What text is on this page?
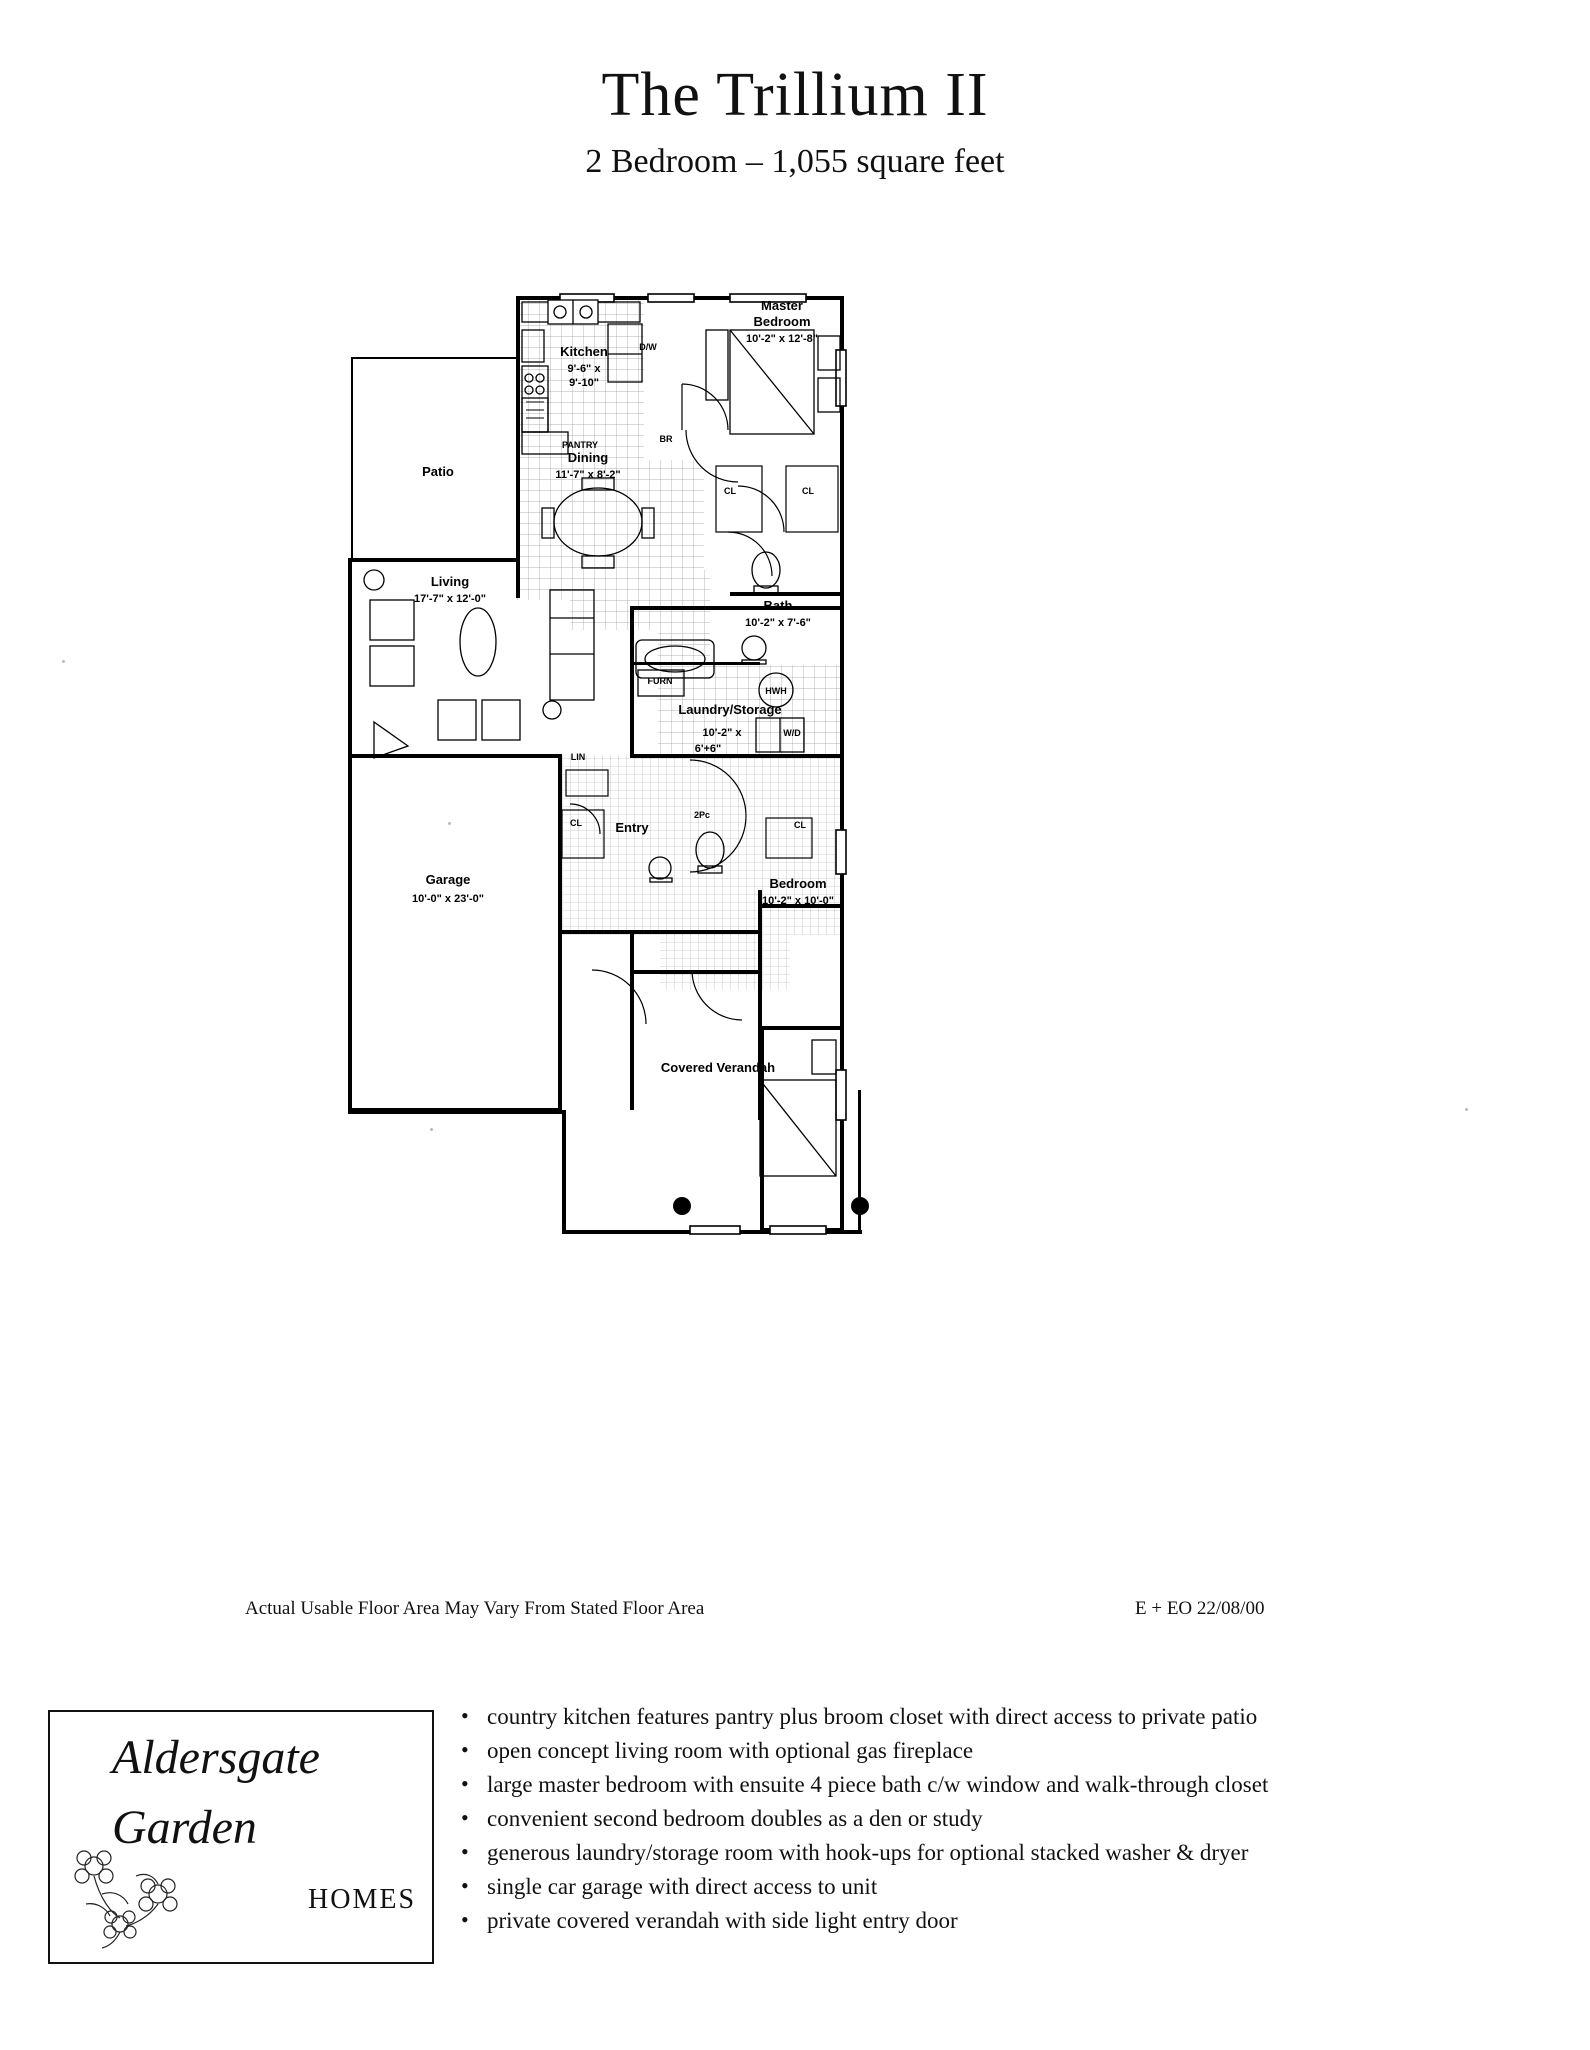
The Trillium II

2 Bedroom – 1,055 square feet

Master
Bedroom
10'-2" x 12'-8"
Kitchen
9'-6" x
9'-10"
D/W
PANTRY
BR
Dining
11'-7" x 8'-2"
Patio
Living
17'-7" x 12'-0"
CL	CL
Bath
10'-2" x 7'-6"
FURN
HWH
Laundry/Storage
10'-2" x
6'+6"
W/D
LIN
CL	Entry
2Pc
CL
Garage
10'-0" x 23'-0"
Bedroom
10'-2" x 10'-0"
Covered Verandah
Actual Usable Floor Area May Vary From Stated Floor Area	E + EO 22/08/00
Aldersgate
Garden
HOMES
• country kitchen features pantry plus broom closet with direct access to private patio
• open concept living room with optional gas fireplace
• large master bedroom with ensuite 4 piece bath c/w window and walk-through closet
• convenient second bedroom doubles as a den or study
• generous laundry/storage room with hook-ups for optional stacked washer & dryer
• single car garage with direct access to unit
• private covered verandah with side light entry door
